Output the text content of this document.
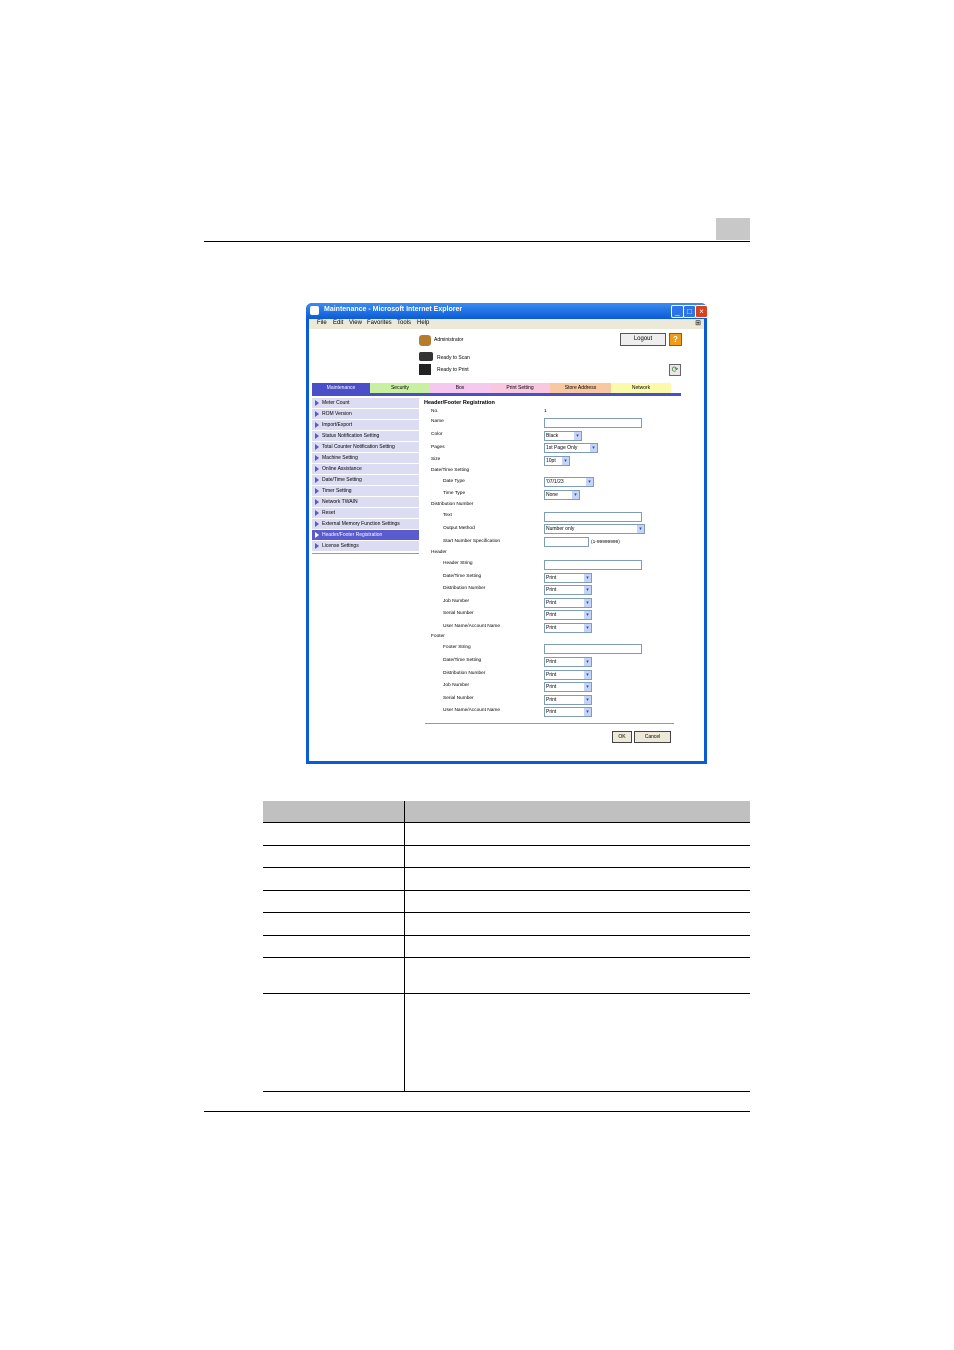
Maintenance - Microsoft Internet Explorer	_ □ ×
File Edit View Favorites Tools Help	⊞
Administrator	Logout	?
Ready to Scan
Ready to Print	⟳
Maintenance	Security	Box	Print Setting	Store Address	Network
Meter Count
ROM Version
Import/Export
Status Notification Setting
Total Counter Notification Setting
Machine Setting
Online Assistance
Date/Time Setting
Timer Setting
Network TWAIN
Reset
External Memory Function Settings
Header/Footer Registration
License Settings
Header/Footer Registration
No.	1
Name
Color	Black	▾
Pages	1st Page Only	▾
Size	10pt	▾
Date/Time Setting
Date Type	'07/1/23	▾
Time Type	None	▾
Distribution Number
Text
Output Method	Number only	▾
Start Number Specification	(1-99999999)
Header
Header String
Date/Time Setting	Print	▾
Distribution Number	Print	▾
Job Number	Print	▾
Serial Number	Print	▾
User Name/Account Name	Print	▾
Footer
Footer String
Date/Time Setting	Print	▾
Distribution Number	Print	▾
Job Number	Print	▾
Serial Number	Print	▾
User Name/Account Name	Print	▾
OK	Cancel
